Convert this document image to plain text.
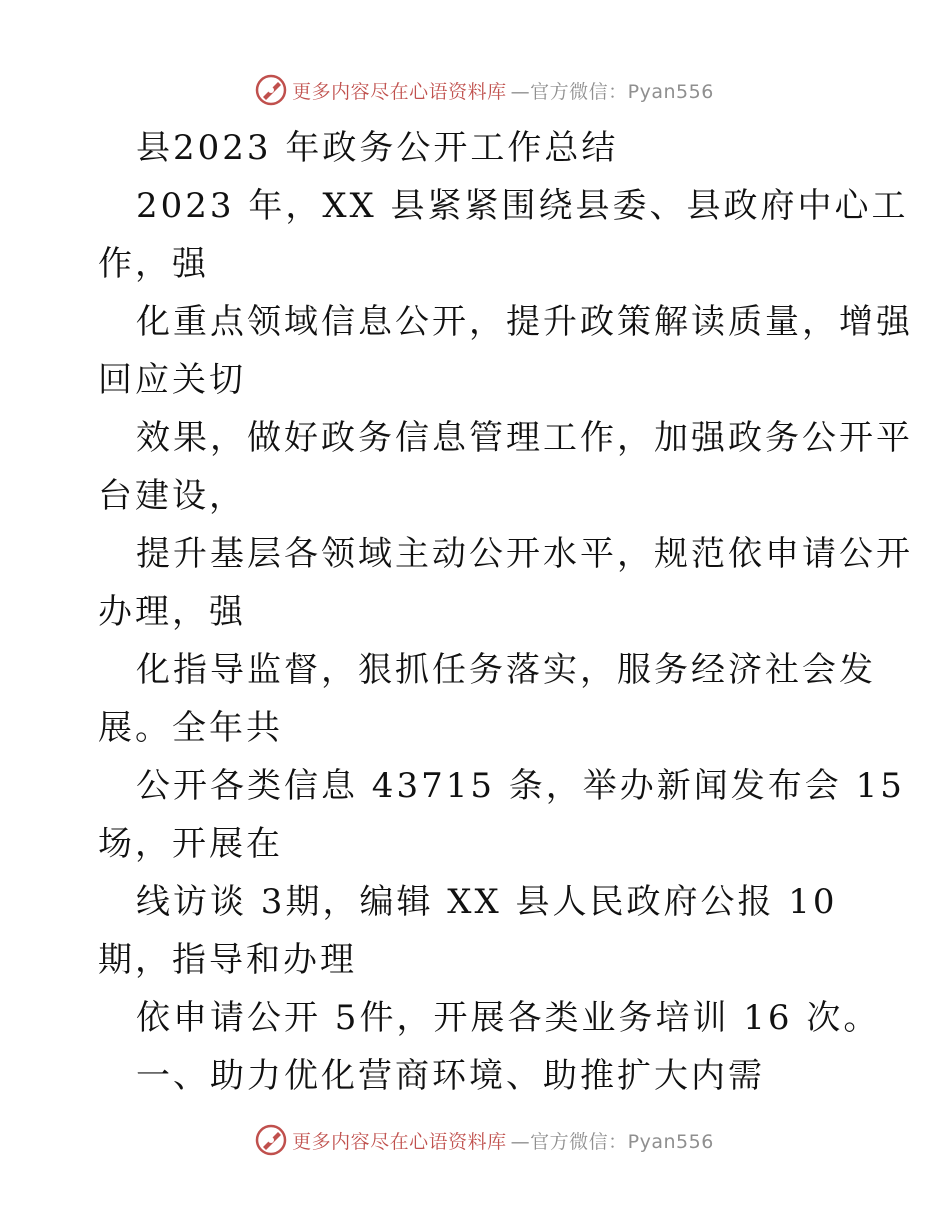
更多内容尽在心语资料库 —官方微信：Pyan556
县2023 年政务公开工作总结
2023 年，XX 县紧紧围绕县委、县政府中心工
作，强
化重点领域信息公开，提升政策解读质量，增强
回应关切
效果，做好政务信息管理工作，加强政务公开平
台建设，
提升基层各领域主动公开水平，规范依申请公开
办理，强
化指导监督，狠抓任务落实，服务经济社会发
展。全年共
公开各类信息 43715 条，举办新闻发布会 15
场，开展在
线访谈 3期，编辑 XX 县人民政府公报 10
期，指导和办理
依申请公开 5件，开展各类业务培训 16 次。
一、助力优化营商环境、助推扩大内需
更多内容尽在心语资料库 —官方微信：Pyan556
